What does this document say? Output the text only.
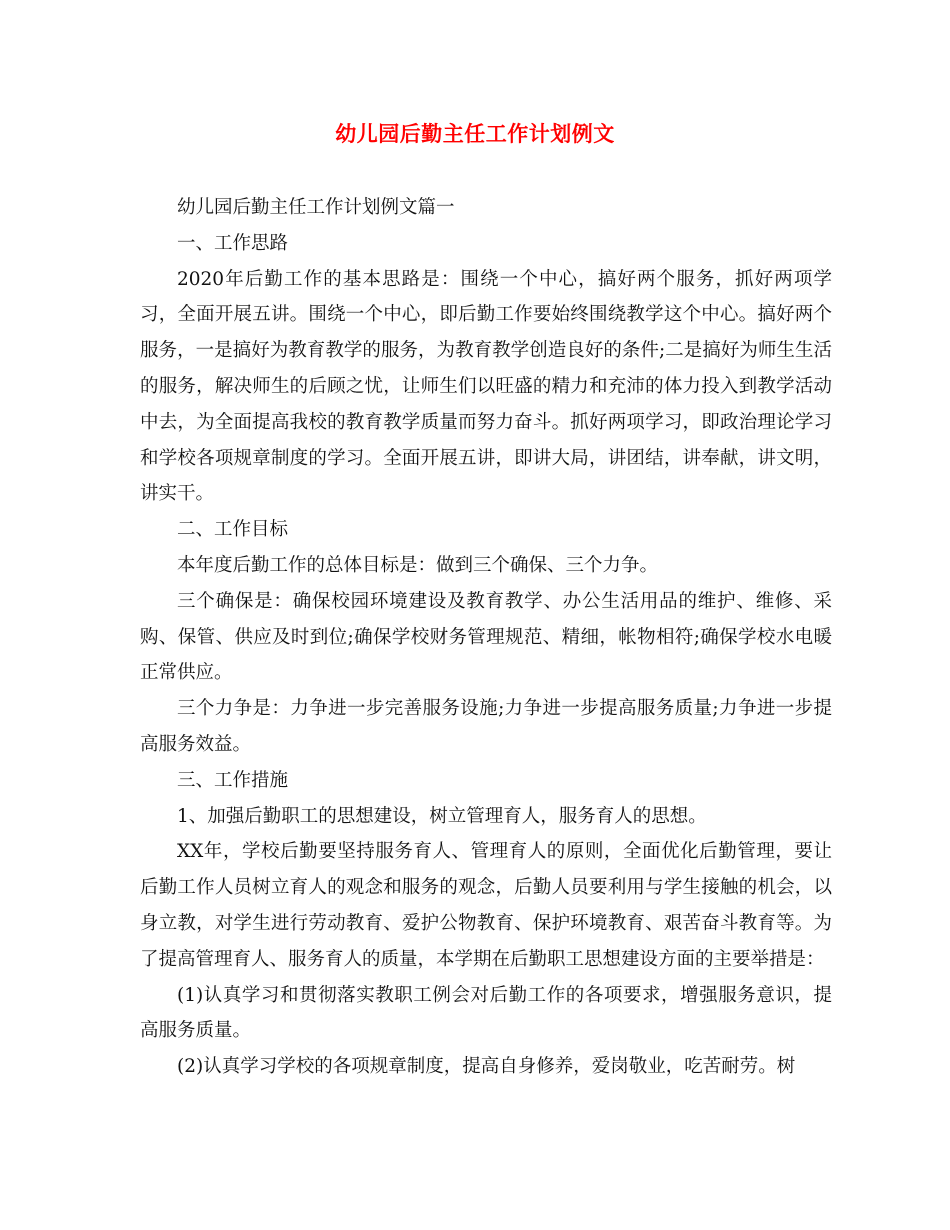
幼儿园后勤主任工作计划例文

幼儿园后勤主任工作计划例文篇一

一、工作思路

2020年后勤工作的基本思路是：围绕一个中心，搞好两个服务，抓好两项学习，全面开展五讲。围绕一个中心，即后勤工作要始终围绕教学这个中心。搞好两个服务，一是搞好为教育教学的服务，为教育教学创造良好的条件;二是搞好为师生生活的服务，解决师生的后顾之忧，让师生们以旺盛的精力和充沛的体力投入到教学活动中去，为全面提高我校的教育教学质量而努力奋斗。抓好两项学习，即政治理论学习和学校各项规章制度的学习。全面开展五讲，即讲大局，讲团结，讲奉献，讲文明，讲实干。

二、工作目标

本年度后勤工作的总体目标是：做到三个确保、三个力争。

三个确保是：确保校园环境建设及教育教学、办公生活用品的维护、维修、采购、保管、供应及时到位;确保学校财务管理规范、精细，帐物相符;确保学校水电暖正常供应。

三个力争是：力争进一步完善服务设施;力争进一步提高服务质量;力争进一步提高服务效益。

三、工作措施

1、加强后勤职工的思想建设，树立管理育人，服务育人的思想。

XX年，学校后勤要坚持服务育人、管理育人的原则，全面优化后勤管理，要让后勤工作人员树立育人的观念和服务的观念，后勤人员要利用与学生接触的机会，以身立教，对学生进行劳动教育、爱护公物教育、保护环境教育、艰苦奋斗教育等。为了提高管理育人、服务育人的质量，本学期在后勤职工思想建设方面的主要举措是：

(1)认真学习和贯彻落实教职工例会对后勤工作的各项要求，增强服务意识，提高服务质量。

(2)认真学习学校的各项规章制度，提高自身修养，爱岗敬业，吃苦耐劳。树
